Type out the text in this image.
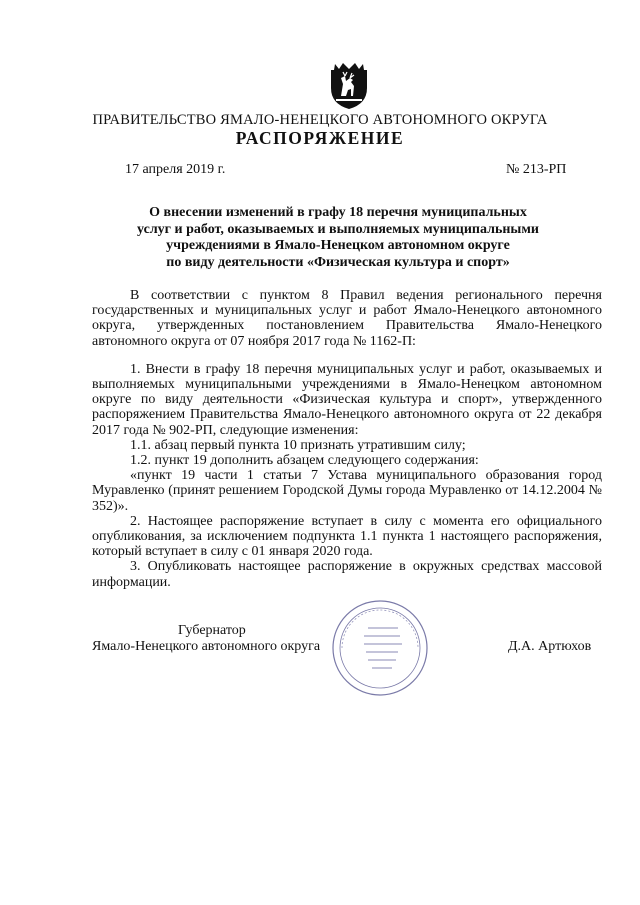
ПРАВИТЕЛЬСТВО ЯМАЛО-НЕНЕЦКОГО АВТОНОМНОГО ОКРУГА
РАСПОРЯЖЕНИЕ
17 апреля 2019 г.	№ 213-РП
О внесении изменений в графу 18 перечня муниципальных
услуг и работ, оказываемых и выполняемых муниципальными
учреждениями в Ямало-Ненецком автономном округе
по виду деятельности «Физическая культура и спорт»

В соответствии с пунктом 8 Правил ведения регионального перечня государственных и муниципальных услуг и работ Ямало-Ненецкого автономного округа, утвержденных постановлением Правительства Ямало-Ненецкого автономного округа от 07 ноября 2017 года № 1162-П:

1. Внести в графу 18 перечня муниципальных услуг и работ, оказываемых и выполняемых муниципальными учреждениями в Ямало-Ненецком автономном округе по виду деятельности «Физическая культура и спорт», утвержденного распоряжением Правительства Ямало-Ненецкого автономного округа от 22 декабря 2017 года № 902-РП, следующие изменения:

1.1. абзац первый пункта 10 признать утратившим силу;

1.2. пункт 19 дополнить абзацем следующего содержания:

«пункт 19 части 1 статьи 7 Устава муниципального образования город Муравленко (принят решением Городской Думы города Муравленко от 14.12.2004 № 352)».

2. Настоящее распоряжение вступает в силу с момента его официального опубликования, за исключением подпункта 1.1 пункта 1 настоящего распоряжения, который вступает в силу с 01 января 2020 года.

3. Опубликовать настоящее распоряжение в окружных средствах массовой информации.

Губернатор
Ямало-Ненецкого автономного округа	Д.А. Артюхов
